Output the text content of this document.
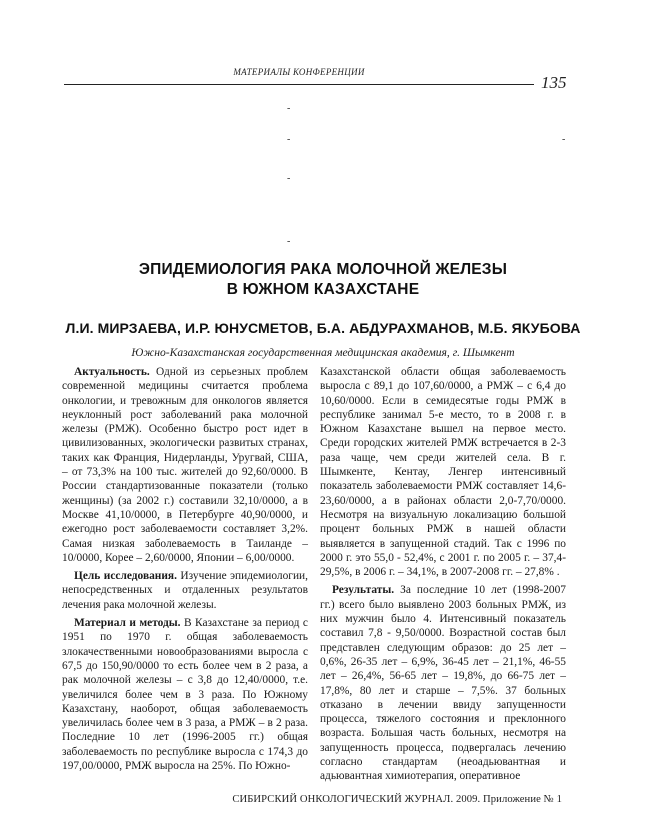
МАТЕРИАЛЫ КОНФЕРЕНЦИИ
135
-
-	-
-
-
ЭПИДЕМИОЛОГИЯ РАКА МОЛОЧНОЙ ЖЕЛЕЗЫ
В ЮЖНОМ КАЗАХСТАНЕ
Л.И. МИРЗАЕВА, И.Р. ЮНУСМЕТОВ, Б.А. АБДУРАХМАНОВ, М.Б. ЯКУБОВА
Южно-Казахстанская государственная медицинская академия, г. Шымкент

Актуальность. Одной из серьезных проблем современной медицины считается проблема онкологии, и тревожным для онкологов является неуклонный рост заболеваний рака молочной железы (РМЖ). Особенно быстро рост идет в цивилизованных, экологически развитых странах, таких как Франция, Нидерланды, Уругвай, США, – от 73,3% на 100 тыс. жителей до 92,60/0000. В России стандартизованные показатели (только женщины) (за 2002 г.) составили 32,10/0000, а в Москве 41,10/0000, в Петербурге 40,90/0000, и ежегодно рост заболеваемости составляет 3,2%. Самая низкая заболеваемость в Таиланде – 10/0000, Корее – 2,60/0000, Японии – 6,00/0000.

Цель исследования. Изучение эпидемиологии, непосредственных и отдаленных результатов лечения рака молочной железы.

Материал и методы. В Казахстане за период с 1951 по 1970 г. общая заболеваемость злокачественными новообразованиями выросла с 67,5 до 150,90/0000 то есть более чем в 2 раза, а рак молочной железы – с 3,8 до 12,40/0000, т.е. увеличился более чем в 3 раза. По Южному Казахстану, наоборот, общая заболеваемость увеличилась более чем в 3 раза, а РМЖ – в 2 раза. Последние 10 лет (1996-2005 гг.) общая заболеваемость по республике выросла с 174,3 до 197,00/0000, РМЖ выросла на 25%. По Южно-

Казахстанской области общая заболеваемость выросла с 89,1 до 107,60/0000, а РМЖ – с 6,4 до 10,60/0000. Если в семидесятые годы РМЖ в республике занимал 5-е место, то в 2008 г. в Южном Казахстане вышел на первое место. Среди городских жителей РМЖ встречается в 2-3 раза чаще, чем среди жителей села. В г. Шымкенте, Кентау, Ленгер интенсивный показатель заболеваемости РМЖ составляет 14,6-23,60/0000, а в районах области 2,0-7,70/0000. Несмотря на визуальную локализацию большой процент больных РМЖ в нашей области выявляется в запущенной стадий. Так с 1996 по 2000 г. это 55,0 - 52,4%, с 2001 г. по 2005 г. – 37,4-29,5%, в 2006 г. – 34,1%, в 2007-2008 гг. – 27,8% .

Результаты. За последние 10 лет (1998-2007 гг.) всего было выявлено 2003 больных РМЖ, из них мужчин было 4. Интенсивный показатель составил 7,8 - 9,50/0000. Возрастной состав был представлен следующим образов: до 25 лет – 0,6%, 26-35 лет – 6,9%, 36-45 лет – 21,1%, 46-55 лет – 26,4%, 56-65 лет – 19,8%, до 66-75 лет – 17,8%, 80 лет и старше – 7,5%. 37 больных отказано в лечении ввиду запущенности процесса, тяжелого состояния и преклонного возраста. Большая часть больных, несмотря на запущенность процесса, подвергалась лечению согласно стандартам (неоадьювантная и адьювантная химиотерапия, оперативное

СИБИРСКИЙ ОНКОЛОГИЧЕСКИЙ ЖУРНАЛ. 2009. Приложение № 1
